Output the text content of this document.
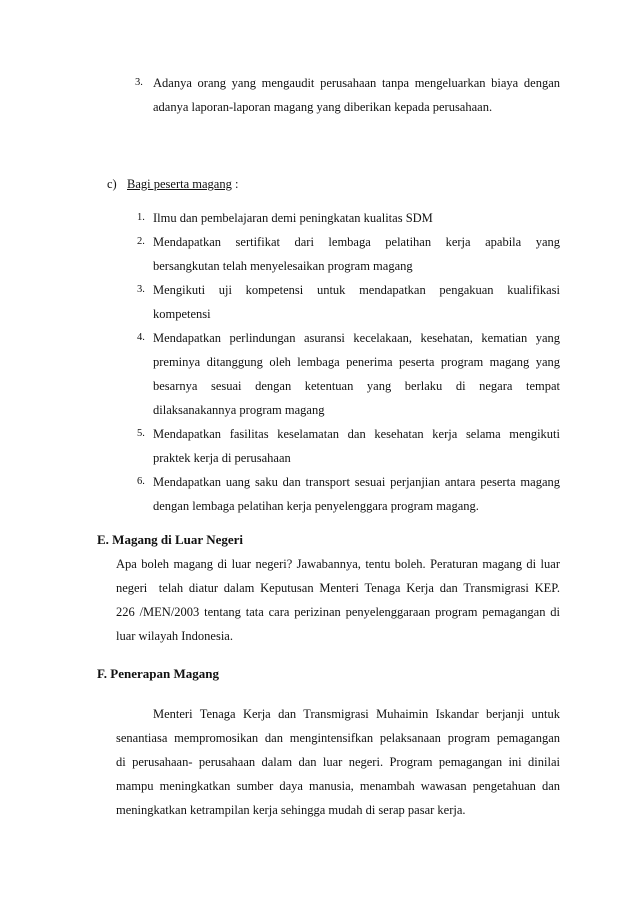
3. Adanya orang yang mengaudit perusahaan tanpa mengeluarkan biaya dengan
adanya laporan-laporan magang yang diberikan kepada perusahaan.
c) Bagi peserta magang :
1. Ilmu dan pembelajaran demi peningkatan kualitas SDM
2. Mendapatkan sertifikat dari lembaga pelatihan kerja apabila yang
bersangkutan telah menyelesaikan program magang
3. Mengikuti uji kompetensi untuk mendapatkan pengakuan kualifikasi
kompetensi
4. Mendapatkan perlindungan asuransi kecelakaan, kesehatan, kematian yang
preminya ditanggung oleh lembaga penerima peserta program magang yang
besarnya sesuai dengan ketentuan yang berlaku di negara tempat
dilaksanakannya program magang
5. Mendapatkan fasilitas keselamatan dan kesehatan kerja selama mengikuti
praktek kerja di perusahaan
6. Mendapatkan uang saku dan transport sesuai perjanjian antara peserta magang
dengan lembaga pelatihan kerja penyelenggara program magang.
E. Magang di Luar Negeri
Apa boleh magang di luar negeri? Jawabannya, tentu boleh. Peraturan magang di luar
negeri  telah diatur dalam Keputusan Menteri Tenaga Kerja dan Transmigrasi KEP.
226 /MEN/2003 tentang tata cara perizinan penyelenggaraan program pemagangan di
luar wilayah Indonesia.
F. Penerapan Magang
Menteri Tenaga Kerja dan Transmigrasi Muhaimin Iskandar berjanji untuk
senantiasa mempromosikan dan mengintensifkan pelaksanaan program pemagangan
di perusahaan- perusahaan dalam dan luar negeri. Program pemagangan ini dinilai
mampu meningkatkan sumber daya manusia, menambah wawasan pengetahuan dan
meningkatkan ketrampilan kerja sehingga mudah di serap pasar kerja.
